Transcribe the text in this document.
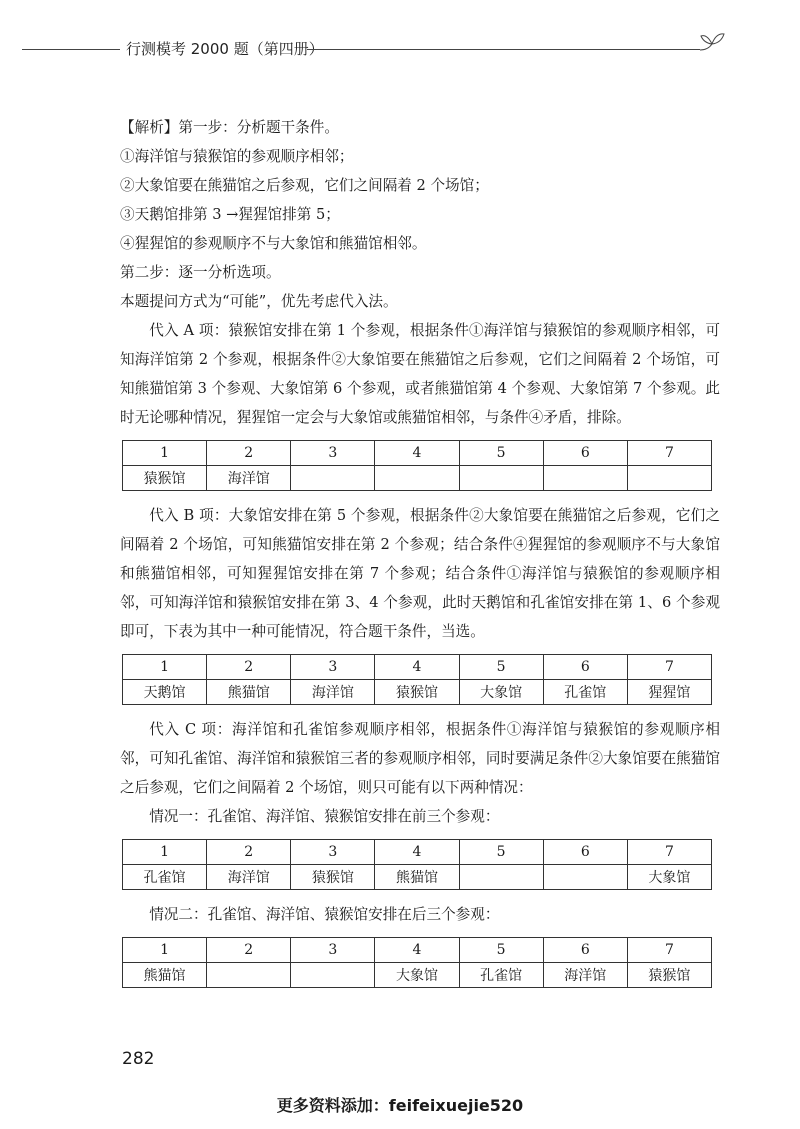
行测模考 2000 题（第四册）

【解析】第一步：分析题干条件。

①海洋馆与猿猴馆的参观顺序相邻；

②大象馆要在熊猫馆之后参观，它们之间隔着 2 个场馆；

③天鹅馆排第 3 →猩猩馆排第 5；

④猩猩馆的参观顺序不与大象馆和熊猫馆相邻。

第二步：逐一分析选项。

本题提问方式为“可能”，优先考虑代入法。

代入 A 项：猿猴馆安排在第 1 个参观，根据条件①海洋馆与猿猴馆的参观顺序相邻，可知海洋馆第 2 个参观，根据条件②大象馆要在熊猫馆之后参观，它们之间隔着 2 个场馆，可知熊猫馆第 3 个参观、大象馆第 6 个参观，或者熊猫馆第 4 个参观、大象馆第 7 个参观。此时无论哪种情况，猩猩馆一定会与大象馆或熊猫馆相邻，与条件④矛盾，排除。

1	2	3	4	5	6	7
猿猴馆	海洋馆					

代入 B 项：大象馆安排在第 5 个参观，根据条件②大象馆要在熊猫馆之后参观，它们之间隔着 2 个场馆，可知熊猫馆安排在第 2 个参观；结合条件④猩猩馆的参观顺序不与大象馆和熊猫馆相邻，可知猩猩馆安排在第 7 个参观；结合条件①海洋馆与猿猴馆的参观顺序相邻，可知海洋馆和猿猴馆安排在第 3、4 个参观，此时天鹅馆和孔雀馆安排在第 1、6 个参观即可，下表为其中一种可能情况，符合题干条件，当选。

1	2	3	4	5	6	7
天鹅馆	熊猫馆	海洋馆	猿猴馆	大象馆	孔雀馆	猩猩馆

代入 C 项：海洋馆和孔雀馆参观顺序相邻，根据条件①海洋馆与猿猴馆的参观顺序相邻，可知孔雀馆、海洋馆和猿猴馆三者的参观顺序相邻，同时要满足条件②大象馆要在熊猫馆之后参观，它们之间隔着 2 个场馆，则只可能有以下两种情况：

情况一：孔雀馆、海洋馆、猿猴馆安排在前三个参观：

1	2	3	4	5	6	7
孔雀馆	海洋馆	猿猴馆	熊猫馆			大象馆

情况二：孔雀馆、海洋馆、猿猴馆安排在后三个参观：

1	2	3	4	5	6	7
熊猫馆			大象馆	孔雀馆	海洋馆	猿猴馆
282
更多资料添加：feifeixuejie520
